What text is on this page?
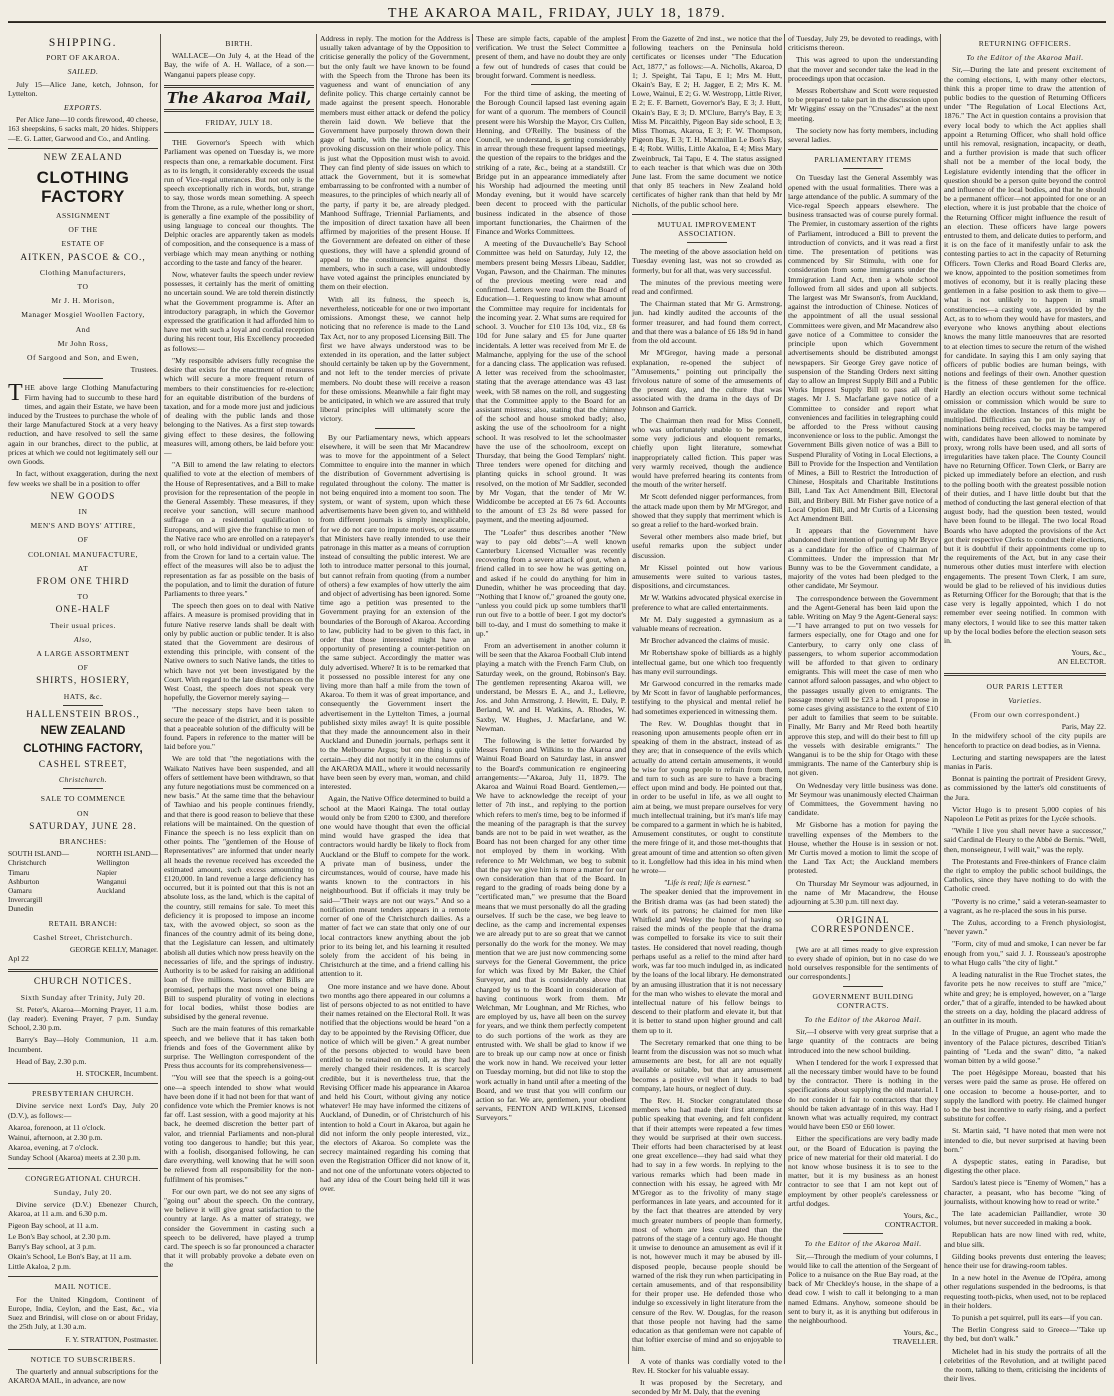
THE AKAROA MAIL, FRIDAY, JULY 18, 1879.
SHIPPING.
PORT OF AKAROA.
SAILED.

July 15—Alice Jane, ketch, Johnson, for Lyttelton.

EXPORTS.

Per Alice Jane—10 cords firewood, 40 cheese, 163 sheepskins, 6 sacks malt, 20 hides. Shippers—E. G. Latter, Garwood and Co., and Antling.

NEW ZEALAND
CLOTHING FACTORY
ASSIGNMENT
OF THE
ESTATE OF
AITKEN, PASCOE & CO.,
Clothing Manufacturers,
TO
Mr J. H. Morison,
Manager Mosgiel Woollen Factory,
And
Mr John Ross,
Of Sargood and Son, and Ewen,
Trustees.

THE above large Clothing Manufacturing Firm having had to succumb to these hard times, and again their Estate, we have been induced by the Trustees to purchase the whole of their large Manufactured Stock at a very heavy reduction, and have resolved to sell the same again in our branches, direct to the public, at prices at which we could not legitimately sell our own Goods.

In fact, without exaggeration, during the next few weeks we shall be in a position to offer

NEW GOODS
IN
MEN'S AND BOYS' ATTIRE,
OF
COLONIAL MANUFACTURE,
AT
FROM ONE THIRD
TO
ONE-HALF
Their usual prices.
Also,
A LARGE ASSORTMENT
OF
SHIRTS, HOSIERY,
HATS, &c.
HALLENSTEIN BROS.,
NEW ZEALAND
CLOTHING FACTORY,
CASHEL STREET,
Christchurch.
SALE TO COMMENCE
ON
SATURDAY, JUNE 28.
BRANCHES:
SOUTH ISLAND—
Christchurch
Timaru
Ashburton
Oamaru
Invercargill
Dunedin
NORTH ISLAND—
Wellington
Napier
Wanganui
Auckland
RETAIL BRANCH:
Cashel Street, Christchurch.
GEORGE KELLY, Manager.
Apl 22
CHURCH NOTICES.
Sixth Sunday after Trinity, July 20.

St. Peter's, Akaroa—Morning Prayer, 11 a.m. (lay reader). Evening Prayer, 7 p.m. Sunday School, 2.30 p.m.

Barry's Bay—Holy Communion, 11 a.m. Incumbent.

Head of Bay, 2.30 p.m.

H. STOCKER, Incumbent.
PRESBYTERIAN CHURCH.

Divine service next Lord's Day, July 20 (D.V.), as follows:—

Akaroa, forenoon, at 11 o'clock.
Wainui, afternoon, at 2.30 p.m.
Akaroa, evening, at 7 o'clock.
Sunday School (Akaroa) meets at 2.30 p.m.
CONGREGATIONAL CHURCH.
Sunday, July 20.

Divine service (D.V.) Ebenezer Church, Akaroa, at 11 a.m. and 6.30 p.m.

Pigeon Bay school, at 11 a.m.
Le Bon's Bay school, at 2.30 p.m.
Barry's Bay school, at 3 p.m.
Okain's School, Le Bon's Bay, at 11 a.m.
Little Akaloa, 2 p.m.
MAIL NOTICE.

For the United Kingdom, Continent of Europe, India, Ceylon, and the East, &c., via Suez and Brindisi, will close on or about Friday, the 25th July, at 1.30 a.m.

F. Y. STRATTON, Postmaster.
NOTICE TO SUBSCRIBERS.

The quarterly and annual subscriptions for the AKAROA MAIL, in advance, are now

BIRTH.

WALLACE—On July 4, at the Head of the Bay, the wife of A. H. Wallace, of a son.—Wanganui papers please copy.

The Akaroa Mail,
FRIDAY, JULY 18.

THE Governor's Speech with which Parliament was opened on Tuesday is, we more respects than one, a remarkable document. First as to its length, it considerably exceeds the usual run of Vice-regal utterances. But not only is the speech exceptionally rich in words, but, strange to say, those words mean something. A speech from the Throne, as a rule, whether long or short, is generally a fine example of the possibility of using language to conceal our thoughts. The Delphic oracles are apparently taken as models of composition, and the consequence is a mass of verbiage which may mean anything or nothing according to the taste and fancy of the hearer.

Now, whatever faults the speech under review possesses, it certainly has the merit of omitting no uncertain sound. We are told therein distinctly what the Government programme is. After an introductory paragraph, in which the Governor expressed the gratification it had afforded him to have met with such a loyal and cordial reception during his recent tour, His Excellency proceeded as follows:—

"My responsible advisers fully recognise the desire that exists for the enactment of measures which will secure a more frequent return of members to their constituencies for re-election; for an equitable distribution of the burdens of taxation, and for a mode more just and judicious of dealing with the public lands and those belonging to the Natives. As a first step towards giving effect to these desires, the following measures will, among others, be laid before you:—

"A Bill to amend the law relating to electors qualified to vote at the election of members of the House of Representatives, and a Bill to make provision for the representation of the people in the General Assembly. These measures, if they receive your sanction, will secure manhood suffrage on a residential qualification to Europeans, and will give the franchise to men of the Native race who are enrolled on a ratepayer's roll, or who hold individual or undivided grants from the Crown for land to a certain value. The effect of the measures will also be to adjust the representation as far as possible on the basis of the population, and to limit the duration of future Parliaments to three years."

The speech then goes on to deal with Native affairs. A measure is promised providing that in future Native reserve lands shall be dealt with only by public auction or public tender. It is also stated that the Government are desirous of extending this principle, with consent of the Native owners to such Native lands, the titles to which have not yet been investigated by the Court. With regard to the late disturbances on the West Coast, the speech does not speak very hopefully, the Governor merely saying—

"The necessary steps have been taken to secure the peace of the district, and it is possible that a peaceable solution of the difficulty will be found. Papers in reference to the matter will be laid before you."

We are told that "the negotiations with the Waikato Natives have been suspended, and all offers of settlement have been withdrawn, so that any future negotiations must be commenced on a new basis." At the same time that the behaviour of Tawhiao and his people continues friendly, and that there is good reason to believe that these relations will be maintained. On the question of Finance the speech is no less explicit than on other points. The "gentlemen of the House of Representatives" are informed that under nearly all heads the revenue received has exceeded the estimated amount, such excess amounting to £120,000. In land revenue a large deficiency has occurred, but it is pointed out that this is not an absolute loss, as the land, which is the capital of the country, still remains for sale. To meet this deficiency it is proposed to impose an income tax, with the avowed object, so soon as the finances of the country admit of its being done, that the Legislature can lessen, and ultimately abolish all duties which now press heavily on the necessaries of life, and the springs of industry. Authority is to be asked for raising an additional loan of five millions. Various other Bills are promised, perhaps the most novel one being a Bill to suspend plurality of voting in elections for local bodies, whilst those bodies are subsidised by the general revenue.

Such are the main features of this remarkable speech, and we believe that it has taken both friends and foes of the Government alike by surprise. The Wellington correspondent of the Press thus accounts for its comprehensiveness—

"You will see that the speech is a going-out one—a speech intended to show what would have been done if it had not been for that want of confidence vote which the Premier knows is not far off. Last session, with a good majority at his back, he deemed discretion the better part of valor, and triennial Parliaments and non-plural voting too dangerous to handle; but this year, with a foolish, disorganised following, he can dare everything, well knowing that he will soon be relieved from all responsibility for the non-fulfilment of his promises."

For our own part, we do not see any signs of "going out" about the speech. On the contrary, we believe it will give great satisfaction to the country at large. As a matter of strategy, we consider the Government in casting such a speech to be delivered, have played a trump card. The speech is so far pronounced a character that it will probably provoke a debate even on the

Address in reply. The motion for the Address is usually taken advantage of by the Opposition to criticise generally the policy of the Government, but the only fault we have known to be found with the Speech from the Throne has been its vagueness and want of enunciation of any definite policy. This charge certainly cannot be made against the present speech. Honorable members must either attack or defend the policy therein laid down. We believe that the Government have purposely thrown down their gage of battle, with the intention of at once provoking discussion on their whole policy. This is just what the Opposition must wish to avoid. They can find plenty of side issues on which to attack the Government, but it is somewhat embarrassing to be confronted with a number of measures, to the principles of which nearly all of the party, if party it be, are already pledged. Manhood Suffrage, Triennial Parliaments, and the imposition of direct taxation have all been affirmed by majorities of the present House. If the Government are defeated on either of these questions, they will have a splendid ground of appeal to the constituencies against those members, who in such a case, will undoubtedly have voted against the principles enunciated by them on their election.

With all its fulness, the speech is, nevertheless, noticeable for one or two important omissions. Amongst these, we cannot help noticing that no reference is made to the Land Tax Act, nor to any proposed Licensing Bill. The first we have always understood was to be extended in its operation, and the latter subject should certainly be taken up by the Government, and not left to the tender mercies of private members. No doubt these will receive a reason for these omissions. Meanwhile a fair fight may be anticipated, in which we are assured that truly liberal principles will ultimately score the victory.

By our Parliamentary news, which appears elsewhere, it will be seen that Mr Macandrew was to move for the appointment of a Select Committee to enquire into the manner in which the distribution of Government advertising is regulated throughout the colony. The matter is not being enquired into a moment too soon. The system, or want of system, upon which these advertisements have been given to, and withheld from different journals is simply inexplicable, for we do not care to impute motives, or assume that Ministers have really intended to use their patronage in this matter as a means of corruption instead of consulting the public interest. We are loth to introduce matter personal to this journal, but cannot refrain from quoting (from a number of others) a few examples of how utterly the aim and object of advertising has been ignored. Some time ago a petition was presented to the Government praying for an extension of the boundaries of the Borough of Akaroa. According to law, publicity had to be given to this fact, in order that those interested might have an opportunity of presenting a counter-petition on the same subject. Accordingly the matter was duly advertised. Where? It is to be remarked that it possessed no possible interest for any one living more than half a mile from the town of Akaroa. To them it was of great importance, and consequently the Government insert the advertisement in the Lyttelton Times, a journal published sixty miles away! It is quite possible that they made the announcement also in their Auckland and Dunedin journals, perhaps sent it to the Melbourne Argus; but one thing is quite certain—they did not notify it in the columns of the AKAROA MAIL, where it would necessarily have been seen by every man, woman, and child interested.

Again, the Native Office determined to build a school at the Maori Kainga. The total outlay would only be from £200 to £300, and therefore one would have thought that even the official mind would have grasped the idea that contractors would hardly be likely to flock from Auckland or the Bluff to compete for the work. A private man of business, under the circumstances, would of course, have made his wants known to the contractors in his neighbourhood. But if officials it may truly be said—"Their ways are not our ways." And so a notification meant tenders appears in a remote corner of one of the Christchurch dailies. As a matter of fact we can state that only one of our local contractors knew anything about the job prior to its being let, and his learning it resulted solely from the accident of his being in Christchurch at the time, and a friend calling his attention to it.

One more instance and we have done. About two months ago there appeared in our columns a list of persons objected to as not entitled to have their names retained on the Electoral Roll. It was notified that the objections would be heard "on a day to be appointed by the Revising Officer, due notice of which will be given." A great number of the persons objected to would have been entitled to be retained on the roll, as they had merely changed their residences. It is scarcely credible, but it is nevertheless true, that the Revising Officer made his appearance in Akaroa and held his Court, without giving any notice whatever! He may have informed the citizens of Auckland, of Dunedin, or of Christchurch of his intention to hold a Court in Akaroa, but again he did not inform the only people interested, viz., the electors of Akaroa. So complete was the secrecy maintained regarding his coming that even the Registration Officer did not know of it, and not one of the unfortunate voters objected to had any idea of the Court being held till it was over.

These are simple facts, capable of the amplest verification. We trust the Select Committee a present of them, and have no doubt they are only a few out of hundreds of cases that could be brought forward. Comment is needless.

For the third time of asking, the meeting of the Borough Council lapsed last evening again for want of a quorum. The members of Council present were his Worship the Mayor, Crs Cullen, Henning, and O'Reilly. The business of the Council, we understand, is getting considerably in arrear through these frequent lapsed meetings, the question of the repairs to the bridges and the striking of a rate, &c., being at a standstill. Cr Bridge put in an appearance immediately after his Worship had adjourned the meeting until Monday evening, but it would have scarcely been decent to proceed with the particular business indicated in the absence of those important functionaries, the Chairmen of the Finance and Works Committees.

A meeting of the Duvauchelle's Bay School Committee was held on Saturday, July 12, the members present being Messrs Libeau, Saddler, Vogan, Pawson, and the Chairman. The minutes of the previous meeting were read and confirmed. Letters were read from the Board of Education—1. Requesting to know what amount the Committee may require for incidentals for the incoming year. 2. What sums are required for school. 3. Voucher for £10 13s 10d, viz., £8 6s 10d for June salary and £5 for June quarter incidentals. A letter was received from Mr E. de Malmanche, applying for the use of the school for a dancing class. The application was refused. A letter was received from the schoolmaster, stating that the average attendance was 43 last week, with 58 names on the roll, and suggesting that the Committee apply to the Board for an assistant mistress; also, stating that the chimney of the school and house smoked badly; also, asking the use of the schoolroom for a night school. It was resolved to let the schoolmaster have the use of the schoolroom, except on Thursday, that being the Good Templars' night. Three tenders were opened for ditching and planting quicks in school ground. It was resolved, on the motion of Mr Saddler, seconded by Mr Vogan, that the tender of Mr W. Widdicombe be accepted at £6 7s 6d. Accounts to the amount of £3 2s 8d were passed for payment, and the meeting adjourned.

The "Loafer" thus describes another "New way to pay old debts":—A well known Canterbury Licensed Victualler was recently recovering from a severe attack of gout, when a friend called in to see how he was getting on, and asked if he could do anything for him in Dunedin, whither he was proceeding that day. "Nothing that I know of," groaned the gouty one, "unless you could pick up some tumblers that'll run out five to a bottle of beer. I got my doctor's bill to-day, and I must do something to make it up."

From an advertisement in another column it will be seen that the Akaroa Football Club intend playing a match with the French Farm Club, on Saturday week, on the ground, Robinson's Bay. The gentlemen representing Akaroa will, we understand, be Messrs E. A., and J., Lelievre, Jos. and John Armstrong, J. Hewitt, E. Daly, P. Berland, W. and H. Watkins, A. Rhodes, W. Saxby, W. Hughes, J. Macfarlane, and W. Newman.

The following is the letter forwarded by Messrs Fenton and Wilkins to the Akaroa and Wainui Road Board on Saturday last, in answer to the Board's communication re engineering arrangements:—"Akaroa, July 11, 1879. The Akaroa and Wainui Road Board. Gentlemen,—We have to acknowledge the receipt of your letter of 7th inst., and replying to the portion which refers to men's time, beg to be informed if the meaning of the paragraph is that the survey bands are not to be paid in wet weather, as the Board has not been charged for any other time not employed by them in working. With reference to Mr Welchman, we beg to submit that the pay we give him is more a matter for our own consideration than that of the Board. In regard to the grading of roads being done by a "certificated man," we presume that the Board means that we must personally do all the grading ourselves. If such be the case, we beg leave to decline, as the camp and incremental expenses we are already put to are so great that we cannot personally do the work for the money. We may mention that we are just now commencing some surveys for the General Government, the price for which was fixed by Mr Baker, the Chief Surveyor, and that is considerably above that charged by us to the Board in consideration of having continuous work from them. Mr Welchman, Mr Loughnan, and Mr Riches, who are employed by us, have all been on the survey for years, and we think them perfectly competent to do such portions of the work as they are entrusted with. We shall be glad to know if we are to break up our camp now at once or finish the work now in hand. We received your letter on Tuesday morning, but did not like to stop the work actually in hand until after a meeting of the Board, and we trust that you will confirm our action so far. We are, gentlemen, your obedient servants, FENTON AND WILKINS, Licensed Surveyors."

From the Gazette of 2nd inst., we notice that the following teachers on the Peninsula hold certificates or licenses under "The Education Act, 1877," as follows:—A. Nicholls, Akaroa, D 1; J. Speight, Tai Tapu, E 1; Mrs M. Hutt, Okain's Bay, E 2; H. Jagger, E 2; Mrs K. M. Lowe, Wainui, E 2; G. W. Westropp, Little River, E 2; E. F. Barnett, Governor's Bay, E 3; J. Hutt, Okain's Bay, E 3; D. M'Clure, Barry's Bay, E 3; Miss M. Pitcaithly, Pigeon Bay side school, E 3; Miss Thomas, Akaroa, E 3; F. W. Thompson, Pigeon Bay, E 3; T. H. Macmillan Le Bon's Bay, E 4; Robt. Willis, Little Akaloa, E 4; Miss Mary Zweinbruck, Tai Tapu, E 4. The status assigned to each teacher is that which was due on 30th June last. From the same document we notice that only 85 teachers in New Zealand hold certificates of higher rank than that held by Mr Nicholls, of the public school here.

MUTUAL IMPROVEMENT ASSOCIATION.

The meeting of the above association held on Tuesday evening last, was not so crowded as formerly, but for all that, was very successful.

The minutes of the previous meeting were read and confirmed.

The Chairman stated that Mr G. Armstrong, jun. had kindly audited the accounts of the former treasurer, and had found them correct, and that there was a balance of £6 18s 9d in hand from the old account.

Mr M'Gregor, having made a personal explanation, re-opened the subject of "Amusements," pointing out principally the frivolous nature of some of the amusements of the present day, and the culture that was associated with the drama in the days of Dr Johnson and Garrick.

The Chairman then read for Miss Connell, who was unfortunately unable to be present, some very judicious and eloquent remarks, chiefly upon light literature, somewhat inappropriately called fiction. This paper was very warmly received, though the audience would have preferred hearing its contents from the mouth of the writer herself.

Mr Scott defended nigger performances, from the attack made upon them by Mr M'Gregor, and showed that they supply that merriment which is so great a relief to the hard-worked brain.

Several other members also made brief, but useful remarks upon the subject under discussion.

Mr Kissel pointed out how various amusements were suited to various tastes, dispositions, and circumstances.

Mr W. Watkins advocated physical exercise in preference to what are called entertainments.

Mr M. Daly suggested a gymnasium as a valuable means of recreation.

Mr Brocher advanced the claims of music.

Mr Robertshaw spoke of billiards as a highly intellectual game, but one which too frequently has many evil surroundings.

Mr Garwood concurred in the remarks made by Mr Scott in favor of laughable performances, testifying to the physical and mental relief he had sometimes experienced in witnessing them.

The Rev. W. Doughlas thought that in reasoning upon amusements people often err in speaking of them in the abstract, instead of as they are; that in consequence of the evils which actually do attend certain amusements, it would be wise for young people to refrain from them, and turn to such as are sure to have a bracing effect upon mind and body. He pointed out that, in order to be useful in life, as we all ought to aim at being, we must prepare ourselves for very much intellectual training, but it's man's life may be compared to a garment in which he is habited, Amusement constitutes, or ought to constitute the mere fringe of it, and those met-thoughts that great amount of time and attention so often given to it. Longfellow had this idea in his mind when he wrote—

"Life is real; life is earnest."

The speaker denied that the improvement in the British drama was (as had been stated) the work of its patrons; he claimed for men like Whitfield and Wesley the honor of having so raised the minds of the people that the drama was compelled to forsake its vice to suit their tastes. He considered that novel reading, though perhaps useful as a relief to the mind after hard work, was far too much indulged in, as indicated by the loans of the local library. He demonstrated by an amusing illustration that it is not necessary for the man who wishes to elevate the moral and intellectual nature of his fellow beings to descend to their platform and elevate it, but that it is better to stand upon higher ground and call them up to it.

The Secretary remarked that one thing to be learnt from the discussion was not so much what amusements are best, for all are not equally available or suitable, but that any amusement becomes a positive evil when it leads to bad company, late hours, or neglect of duty.

The Rev. H. Stocker congratulated those members who had made their first attempts at public speaking that evening, and felt confident that if their attempts were repeated a few times they would be surprised at their own success. Their efforts had been characterised by at least one great excellence—they had said what they had to say in a few words. In replying to the various remarks which had been made in connection with his essay, he agreed with Mr M'Gregor as to the frivolity of many stage performances in late years, and accounted for it by the fact that theatres are attended by very much greater numbers of people than formerly, most of whom are less cultivated than the patrons of the stage of a century ago. He thought it unwise to denounce an amusement as evil if it is not, however much it may be abused by ill-disposed people, because people should be warned of the risk they run when participating in certain amusements, and of that responsibility for their proper use. He defended those who indulge so excessively in light literature from the censure of the Rev. W. Douglas, for the reason that those people not having had the same education as that gentleman were not capable of that loftier exercise of mind and so enjoyable to him.

A vote of thanks was cordially voted to the Rev. H. Stocker for his valuable essay.

It was proposed by the Secretary, and seconded by Mr M. Daly, that the evening

of Tuesday, July 29, be devoted to readings, with criticisms thereon.

This was agreed to upon the understanding that the mover and seconder take the lead in the proceedings upon that occasion.

Messrs Robertshaw and Scott were requested to be prepared to take part in the discussion upon Mr Wiggins' essay on the "Crusades" at the next meeting.

The society now has forty members, including several ladies.

PARLIAMENTARY ITEMS

On Tuesday last the General Assembly was opened with the usual formalities. There was a large attendance of the public. A summary of the Vice-regal Speech appears elsewhere. The business transacted was of course purely formal. The Premier, in customary assertion of the rights of Parliament, introduced a Bill to prevent the introduction of convicts, and it was read a first time. The presentation of petitions was commenced by Sir Stimulu, with one for consideration from some immigrants under the Immigration Land Act, then a whole school followed from all sides and upon all subjects. The largest was Mr Swanson's, from Auckland, against the introduction of Chinese. Notices of the appointment of all the usual sessional Committees were given, and Mr Macandrew also gave notice of a Committee to consider the principle upon which Government advertisements should be distributed amongst newspapers. Sir George Grey gave notice of suspension of the Standing Orders next sitting day to allow an Imprest Supply Bill and a Public Works Imprest Supply Bill to pass all their stages. Mr J. S. Macfarlane gave notice of a Committee to consider and report what conveniences and facilities in telegraphing could be afforded to the Press without causing inconvenience or loss to the public. Amongst the Government Bills given notice of was a Bill to Suspend Plurality of Voting in Local Elections, a Bill to Provide for the Inspection and Ventilation of Mines, a Bill to Restrict the Introduction of Chinese, Hospitals and Charitable Institutions Bill, Land Tax Act Amendment Bill, Electoral Bill, and Bribery Bill. Mr Fisher gave notice of a Local Option Bill, and Mr Curtis of a Licensing Act Amendment Bill.

It appears that the Government have abandoned their intention of putting up Mr Bryce as a candidate for the office of Chairman of Committees. Under the impression that Mr Bunny was to be the Government candidate, a majority of the votes had been pledged to the other candidate, Mr Seymour.

The correspondence between the Government and the Agent-General has been laid upon the table. Writing on May 9 the Agent-General says:—"I have arranged to put on two vessels for farmers especially, one for Otago and one for Canterbury, to carry only one class of passengers, to whom superior accommodation will be afforded to that given to ordinary emigrants. This will meet the case of men who cannot afford saloon passages, and who object to the passages usually given to emigrants. The passage money will be £23 a head. I propose in some cases giving assistance to the extent of £10 per adult to families that seem to be suitable. Finally, Mr Barry and Mr Reed both heartily approve this step, and will do their best to fill up the vessels with desirable emigrants." The Wanganui is to be the ship for Otago with these immigrants. The name of the Canterbury ship is not given.

On Wednesday very little business was done. Mr Seymour was unanimously elected Chairman of Committees, the Government having no candidate.

Mr Gisborne has a motion for paying the travelling expenses of the Members to the House, whether the House is in session or not. Mr Curtis moved a motion to limit the scope of the Land Tax Act; the Auckland members protested.

On Thursday Mr Seymour was adjourned, in the name of Mr Macandrew, the House adjourning at 5.30 p.m. till next day.

ORIGINAL CORRESPONDENCE.

[We are at all times ready to give expression to every shade of opinion, but in no case do we hold ourselves responsible for the sentiments of our correspondents.]

GOVERNMENT BUILDING CONTRACTS.
To the Editor of the Akaroa Mail.

Sir,—I observe with very great surprise that a large quantity of the contracts are being introduced into the new school building.

When I tendered for the work I expressed that all the necessary timber would have to be found by the contractor. There is nothing in the specifications about supplying the old material. I do not consider it fair to contractors that they should be taken advantage of in this way. Had I known what was actually required, my contract would have been £50 or £60 lower.

Either the specifications are very badly made out, or the Board of Education is paying the price of new material for their old material. I do not know whose business it is to see to the matter, but it is my business as an honest contractor to see that I am not kept out of employment by other people's carelessness or artful dodges.

Yours, &c.,
CONTRACTOR.
To the Editor of the Akaroa Mail.

Sir,—Through the medium of your columns, I would like to call the attention of the Sergeant of Police to a nuisance on the Rue Bay road, at the back of Mr Checkley's house, in the shape of a dead cow. I wish to call it belonging to a man named Edmans. Anyhow, someone should be sent to bury it, as it is anything but odiferous in the neighbourhood.

Yours, &c.,
TRAVELLER.
RETURNING OFFICERS.
To the Editor of the Akaroa Mail.

Sir,—During the late and present excitement of the coming elections, I, with many other electors, think this a proper time to draw the attention of public bodies to the question of Returning Officers under "The Regulation of Local Elections Act, 1876." The Act in question contains a provision that every local body to which the Act applies shall appoint a Returning Officer, who shall hold office until his removal, resignation, incapacity, or death, and a further provision is made that such officer shall not be a member of the local body, the Legislature evidently intending that the officer in question should be a person quite beyond the control and influence of the local bodies, and that he should be a permanent officer—not appointed for one or an election, where it is just probable that the choice of the Returning Officer might influence the result of an election. These officers have large powers entrusted to them, and delicate duties to perform, and it is on the face of it manifestly unfair to ask the contesting parties to act in the capacity of Returning Officers. Town Clerks and Road Board Clerks are, we know, appointed to the position sometimes from motives of economy, but it is really placing these gentlemen in a false position to ask them to give—what is not unlikely to happen in small constituencies—a casting vote, as provided by the Act, as to to whom they would have for masters, and everyone who knows anything about elections knows the many little manoeuvres that are resorted to at election times to secure the return of the wished for candidate. In saying this I am only saying that officers of public bodies are human beings, with notions and feelings of their own. Another question is the fitness of these gentlemen for the office. Hardly an election occurs without some technical omission or commission which would be sure to invalidate the election. Instances of this might be multiplied. Difficulties can be put in the way of nominations being received, clocks may be tampered with, candidates have been allowed to nominate by proxy, wrong rolls have been used, and all sorts of irregularities have taken place. The County Council have no Returning Officer. Town Clerk, or Barry are picked up immediately before an election, and rush to the polling booth with the greatest possible notion of their duties, and I have little doubt but that the method of conducting the last general election of that august body, had the question been tested, would have been found to be illegal. The two local Road Boards who have adopted the provisions of the Act got their respective Clerks to conduct their elections, but it is doubtful if their appointments come up to the requirements of the Act, but in any case their numerous other duties must interfere with election engagements. The present Town Clerk, I am sure, would be glad to be relieved of his invidious duties as Returning Officer for the Borough; that that is the case very is legally appointed, which I do not remember ever seeing notified. In common with many electors, I would like to see this matter taken up by the local bodies before the election season sets in.

Yours, &c.,
AN ELECTOR.
OUR PARIS LETTER
Varieties.
(From our own correspondent.)
Paris, May 22.

In the midwifery school of the city pupils are henceforth to practice on dead bodies, as in Vienna.

Lecturing and starting newspapers are the latest manias in Paris.

Bonnat is painting the portrait of President Grevy, as commissioned by the latter's old constituents of the Jura.

Victor Hugo is to present 5,000 copies of his Napoleon Le Petit as prizes for the Lycée schools.

"While I live you shall never have a successor," said Cardinal de Fleury to the Abbé de Bernis. "Well, then, monseigneur, I will wait," was the reply.

The Protestants and Free-thinkers of France claim the right to employ the public school buildings, the Catholics, since they have nothing to do with the Catholic creed.

"Poverty is no crime," said a veteran-seamaster to a vagrant, as he re-placed the sous in his purse.

The Zulus, according to a French physiologist, "never yawn."

"Form, city of mud and smoke, I can never be far enough from you," said J. J. Rousseau's apostrophe to what Hugo calls "the city of light."

A leading naturalist in the Rue Trochet states, the favorite pets he now receives to stuff are "mice," white and grey; he is employed, however, on a "large order," that of a giraffe, intended to be hawked about the streets on a day, holding the placard address of an outfitter in its mouth.

In the village of Prugue, an agent who made the inventory of the Palace pictures, described Titian's painting of "Leda and the swan" ditto, "a naked woman bitten by a wild goose."

The poet Hégésippe Moreau, boasted that his verses were paid the same as prose. He offered on one occasion to become a house-porter, and to supply the landlord with poetry. He claimed hunger to be the best incentive to early rising, and a perfect substitute for coffee.

St. Martin said, "I have noted that men were not intended to die, but never surprised at having been born."

A dyspeptic states, eating in Paradise, but digesting the other place.

Sardou's latest piece is "Enemy of Women," has a character, a peasant, who has become "king of journalists, without knowing how to read or write."

The late academician Paillandier, wrote 30 volumes, but never succeeded in making a book.

Republican hats are now lined with red, white, and blue silk.

Gilding books prevents dust entering the leaves; hence their use for drawing-room tables.

In a new hotel in the Avenue de l'Opéra, among other regulations suspended in the bedrooms, is that requesting tooth-picks, when used, not to be replaced in their holders.

To punish a pet squirrel, pull its ears—if you can.

The Berlin Congress said to Greece—"Take up thy bed, but don't walk."

Michelet had in his study the portraits of all the celebrities of the Revolution, and at twilight paced the room, talking to them, criticising the incidents of their lives.
